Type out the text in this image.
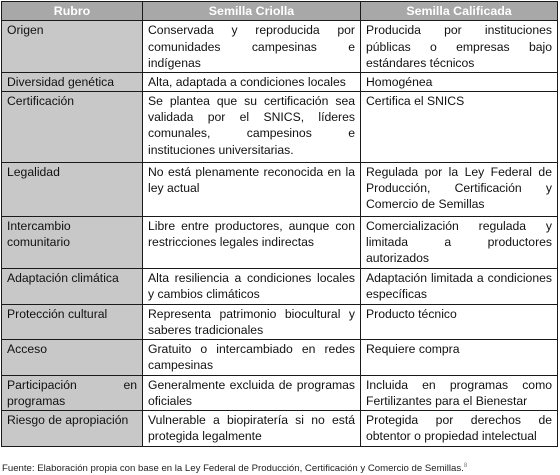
Rubro	Semilla Criolla	Semilla Calificada
Origen	Conservada y reproducida por comunidades campesinas e indígenas	Producida por instituciones públicas o empresas bajo estándares técnicos
Diversidad genética	Alta, adaptada a condiciones locales	Homogénea
Certificación	Se plantea que su certificación sea validada por el SNICS, líderes comunales, campesinos e instituciones universitarias.	Certifica el SNICS
Legalidad	No está plenamente reconocida en la ley actual	Regulada por la Ley Federal de Producción, Certificación y Comercio de Semillas
Intercambio comunitario	Libre entre productores, aunque con restricciones legales indirectas	Comercialización regulada y limitada a productores autorizados
Adaptación climática	Alta resiliencia a condiciones locales y cambios climáticos	Adaptación limitada a condiciones específicas
Protección cultural	Representa patrimonio biocultural y saberes tradicionales	Producto técnico
Acceso	Gratuito o intercambiado en redes campesinas	Requiere compra
Participación en programas	Generalmente excluida de programas oficiales	Incluida en programas como Fertilizantes para el Bienestar
Riesgo de apropiación	Vulnerable a biopiratería si no está protegida legalmente	Protegida por derechos de obtentor o propiedad intelectual
Fuente: Elaboración propia con base en la Ley Federal de Producción, Certificación y Comercio de Semillas.$^8$
